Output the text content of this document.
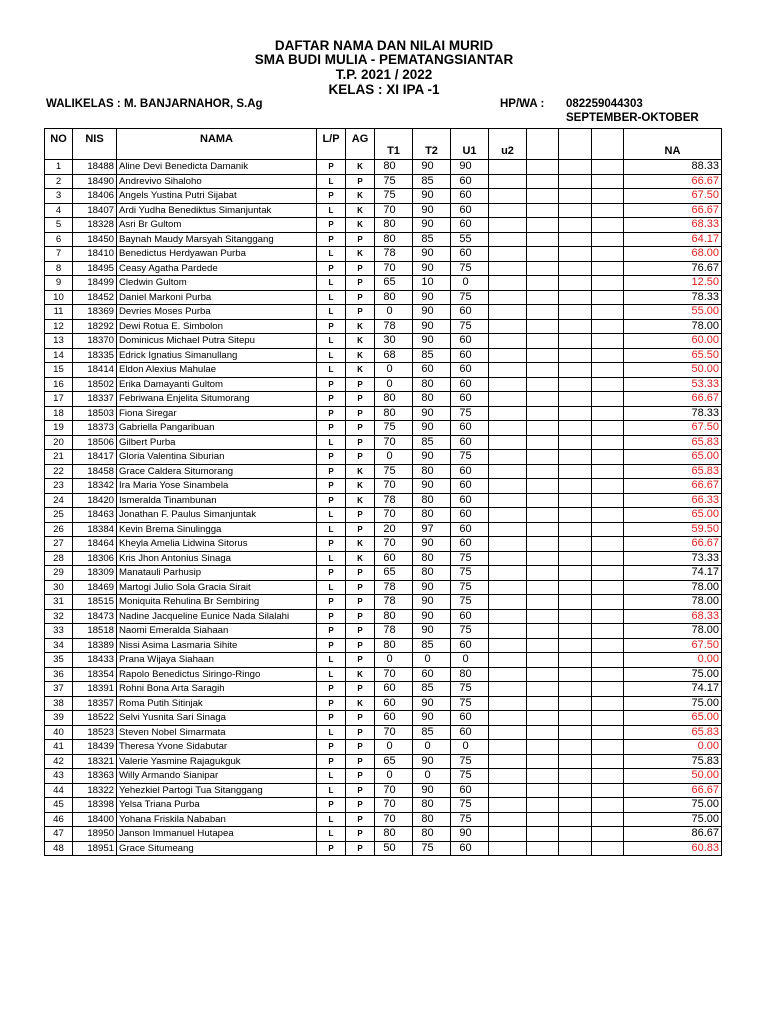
DAFTAR NAMA DAN NILAI MURID
SMA BUDI MULIA - PEMATANGSIANTAR
T.P. 2021 / 2022
KELAS : XI IPA -1
WALIKELAS : M. BANJARNAHOR, S.Ag	HP/WA : 082259044303
SEPTEMBER-OKTOBER
NO	NIS	NAMA	L/P	AG	T1	T2	U1	u2				NA
1	18488	Aline Devi Benedicta Damanik	P	K	80	90	90					88.33
2	18490	Andrevivo Sihaloho	L	P	75	85	60					66.67
3	18406	Angels Yustina Putri Sijabat	P	K	75	90	60					67.50
4	18407	Ardi Yudha Benediktus Simanjuntak	L	K	70	90	60					66.67
5	18328	Asri Br Gultom	P	K	80	90	60					68.33
6	18450	Baynah Maudy Marsyah Sitanggang	P	P	80	85	55					64.17
7	18410	Benedictus Herdyawan Purba	L	K	78	90	60					68.00
8	18495	Ceasy Agatha Pardede	P	P	70	90	75					76.67
9	18499	Cledwin Gultom	L	P	65	10	0					12.50
10	18452	Daniel Markoni Purba	L	P	80	90	75					78.33
11	18369	Devries Moses Purba	L	P	0	90	60					55.00
12	18292	Dewi Rotua E. Simbolon	P	K	78	90	75					78.00
13	18370	Dominicus Michael Putra Sitepu	L	K	30	90	60					60.00
14	18335	Edrick Ignatius Simanullang	L	K	68	85	60					65.50
15	18414	Eldon Alexius Mahulae	L	K	0	60	60					50.00
16	18502	Erika Damayanti Gultom	P	P	0	80	60					53.33
17	18337	Febriwana Enjelita Situmorang	P	P	80	80	60					66.67
18	18503	Fiona Siregar	P	P	80	90	75					78.33
19	18373	Gabriella Pangaribuan	P	P	75	90	60					67.50
20	18506	Gilbert Purba	L	P	70	85	60					65.83
21	18417	Gloria Valentina Siburian	P	P	0	90	75					65.00
22	18458	Grace Caldera Situmorang	P	K	75	80	60					65.83
23	18342	Ira Maria Yose Sinambela	P	K	70	90	60					66.67
24	18420	Ismeralda Tinambunan	P	K	78	80	60					66.33
25	18463	Jonathan F. Paulus Simanjuntak	L	P	70	80	60					65.00
26	18384	Kevin Brema Sinulingga	L	P	20	97	60					59.50
27	18464	Kheyla Amelia Lidwina Sitorus	P	K	70	90	60					66.67
28	18306	Kris Jhon Antonius Sinaga	L	K	60	80	75					73.33
29	18309	Manatauli Parhusip	P	P	65	80	75					74.17
30	18469	Martogi Julio Sola Gracia Sirait	L	P	78	90	75					78.00
31	18515	Moniquita Rehulina Br Sembiring	P	P	78	90	75					78.00
32	18473	Nadine Jacqueline Eunice Nada Silalahi	P	P	80	90	60					68.33
33	18518	Naomi Emeralda Siahaan	P	P	78	90	75					78.00
34	18389	Nissi Asima Lasmaria Sihite	P	P	80	85	60					67.50
35	18433	Prana Wijaya Siahaan	L	P	0	0	0					0.00
36	18354	Rapolo Benedictus Siringo-Ringo	L	K	70	60	80					75.00
37	18391	Rohni Bona Arta Saragih	P	P	60	85	75					74.17
38	18357	Roma Putih Sitinjak	P	K	60	90	75					75.00
39	18522	Selvi Yusnita Sari Sinaga	P	P	60	90	60					65.00
40	18523	Steven Nobel Simarmata	L	P	70	85	60					65.83
41	18439	Theresa Yvone Sidabutar	P	P	0	0	0					0.00
42	18321	Valerie Yasmine Rajagukguk	P	P	65	90	75					75.83
43	18363	Willy Armando Sianipar	L	P	0	0	75					50.00
44	18322	Yehezkiel Partogi Tua Sitanggang	L	P	70	90	60					66.67
45	18398	Yelsa Triana Purba	P	P	70	80	75					75.00
46	18400	Yohana Friskila Nababan	L	P	70	80	75					75.00
47	18950	Janson Immanuel Hutapea	L	P	80	80	90					86.67
48	18951	Grace Situmeang	P	P	50	75	60					60.83
